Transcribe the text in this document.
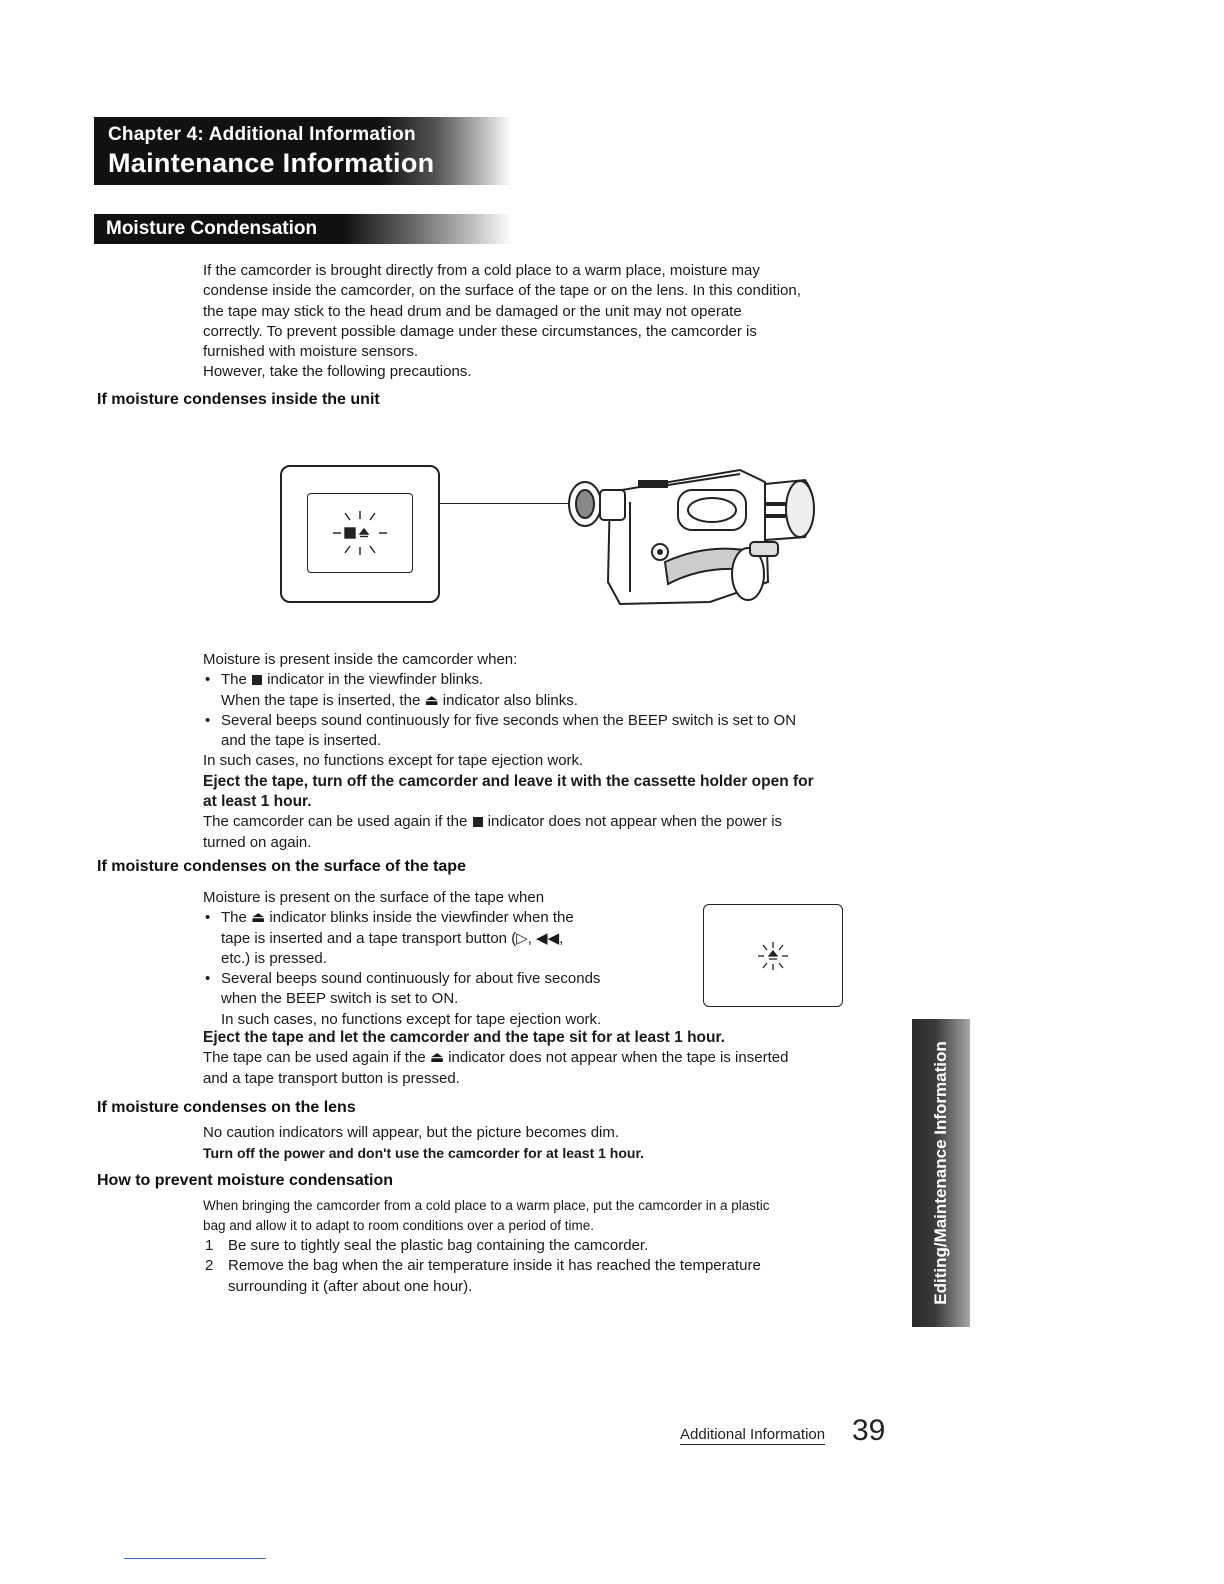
Chapter 4: Additional Information
Maintenance Information
Moisture Condensation
If the camcorder is brought directly from a cold place to a warm place, moisture may
condense inside the camcorder, on the surface of the tape or on the lens. In this condition,
the tape may stick to the head drum and be damaged or the unit may not operate
correctly. To prevent possible damage under these circumstances, the camcorder is
furnished with moisture sensors.
However, take the following precautions.
If moisture condenses inside the unit
Moisture is present inside the camcorder when:
• The  indicator in the viewfinder blinks.
When the tape is inserted, the ⏏ indicator also blinks.
• Several beeps sound continuously for five seconds when the BEEP switch is set to ON
and the tape is inserted.
In such cases, no functions except for tape ejection work.
Eject the tape, turn off the camcorder and leave it with the cassette holder open for
at least 1 hour.
The camcorder can be used again if the  indicator does not appear when the power is
turned on again.
If moisture condenses on the surface of the tape
Moisture is present on the surface of the tape when
• The ⏏ indicator blinks inside the viewfinder when the
tape is inserted and a tape transport button (▷, ◀◀,
etc.) is pressed.
• Several beeps sound continuously for about five seconds
when the BEEP switch is set to ON.
In such cases, no functions except for tape ejection work.
Eject the tape and let the camcorder and the tape sit for at least 1 hour.
The tape can be used again if the ⏏ indicator does not appear when the tape is inserted
and a tape transport button is pressed.
If moisture condenses on the lens
No caution indicators will appear, but the picture becomes dim.
Turn off the power and don't use the camcorder for at least 1 hour.
How to prevent moisture condensation
When bringing the camcorder from a cold place to a warm place, put the camcorder in a plastic
bag and allow it to adapt to room conditions over a period of time.
1 Be sure to tightly seal the plastic bag containing the camcorder.
2 Remove the bag when the air temperature inside it has reached the temperature
surrounding it (after about one hour).	Editing/Maintenance Information
Additional Information 39
